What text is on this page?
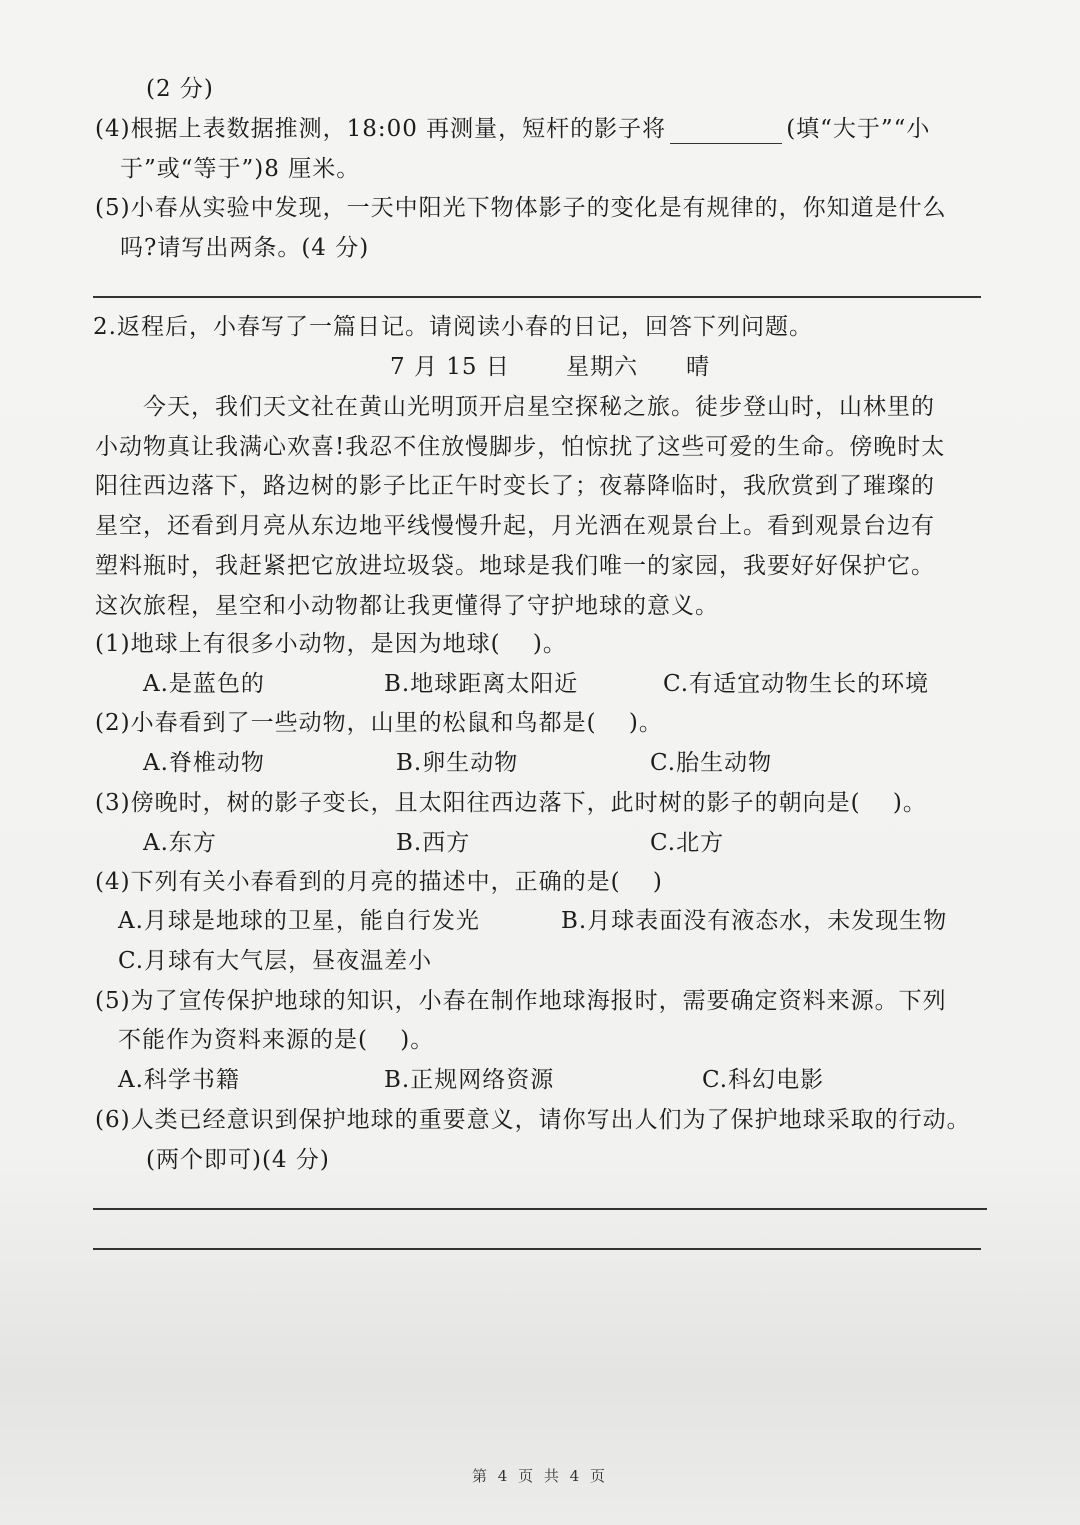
(2 分)
(4)根据上表数据推测，18:00 再测量，短杆的影子将	(填“大于”“小
于”或“等于”)8 厘米。
(5)小春从实验中发现，一天中阳光下物体影子的变化是有规律的，你知道是什么
吗?请写出两条。(4 分)
2.返程后，小春写了一篇日记。请阅读小春的日记，回答下列问题。
7 月 15 日　　 星期六　　晴
今天，我们天文社在黄山光明顶开启星空探秘之旅。徒步登山时，山林里的
小动物真让我满心欢喜!我忍不住放慢脚步，怕惊扰了这些可爱的生命。傍晚时太
阳往西边落下，路边树的影子比正午时变长了；夜幕降临时，我欣赏到了璀璨的
星空，还看到月亮从东边地平线慢慢升起，月光洒在观景台上。看到观景台边有
塑料瓶时，我赶紧把它放进垃圾袋。地球是我们唯一的家园，我要好好保护它。
这次旅程，星空和小动物都让我更懂得了守护地球的意义。
(1)地球上有很多小动物，是因为地球(　 )。
A.是蓝色的	B.地球距离太阳近	C.有适宜动物生长的环境
(2)小春看到了一些动物，山里的松鼠和鸟都是(　 )。
A.脊椎动物	B.卵生动物	C.胎生动物
(3)傍晚时，树的影子变长，且太阳往西边落下，此时树的影子的朝向是(　 )。
A.东方	B.西方	C.北方
(4)下列有关小春看到的月亮的描述中，正确的是(　 )
A.月球是地球的卫星，能自行发光	B.月球表面没有液态水，未发现生物
C.月球有大气层，昼夜温差小
(5)为了宣传保护地球的知识，小春在制作地球海报时，需要确定资料来源。下列
不能作为资料来源的是(　 )。
A.科学书籍	B.正规网络资源	C.科幻电影
(6)人类已经意识到保护地球的重要意义，请你写出人们为了保护地球采取的行动。
(两个即可)(4 分)
第 4 页 共 4 页
